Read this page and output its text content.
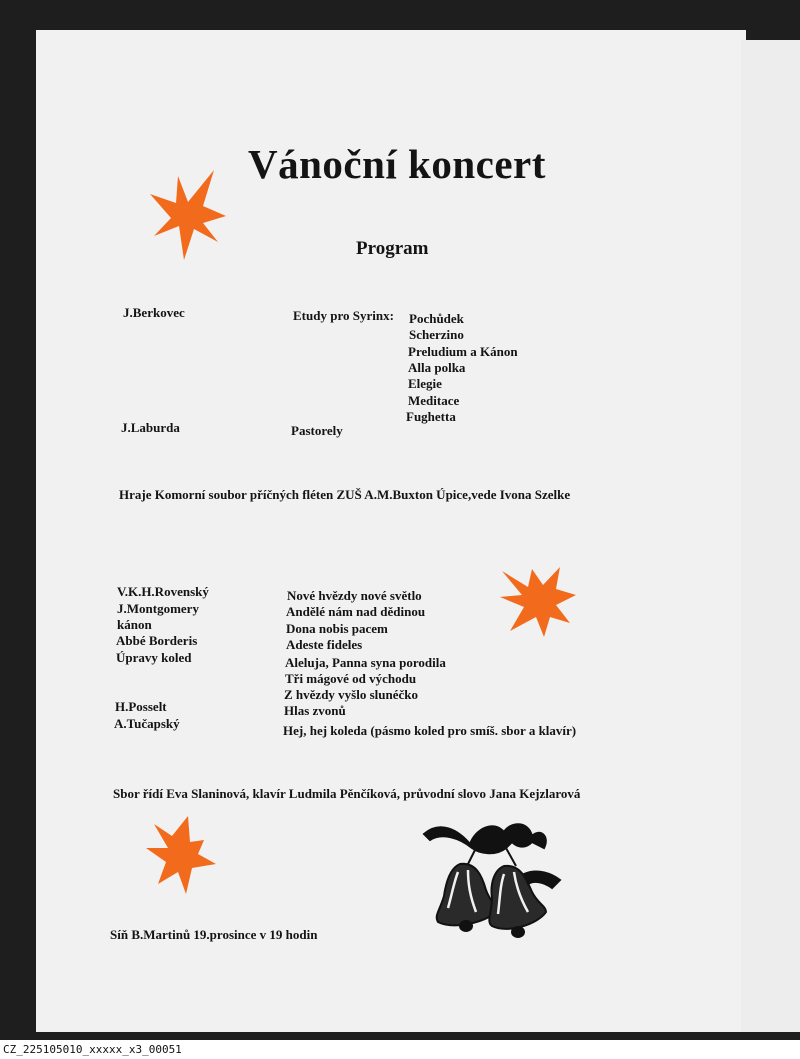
Vánoční koncert
Program
J.Berkovec	Etudy pro Syrinx: Pochůdek
Scherzino
Preludium a Kánon
Alla polka
Elegie
Meditace
Fughetta
J.Laburda	Pastorely
Hraje Komorní soubor příčných fléten ZUŠ A.M.Buxton Úpice,vede Ivona Szelke
V.K.H.Rovenský
J.Montgomery
kánon
Abbé Borderis
Úpravy koled
H.Posselt
A.Tučapský
Nové hvězdy nové světlo
Andělé nám nad dědinou
Dona nobis pacem
Adeste fideles
Aleluja, Panna syna porodila
Tři mágové od východu
Z hvězdy vyšlo slunéčko
Hlas zvonů
Hej, hej koleda (pásmo koled pro smíš. sbor a klavír)
Sbor řídí Eva Slaninová, klavír Ludmila Pěnčíková, průvodní slovo Jana Kejzlarová
Síň B.Martinů 19.prosince v 19 hodin
CZ_225105010_xxxxx_x3_00051
